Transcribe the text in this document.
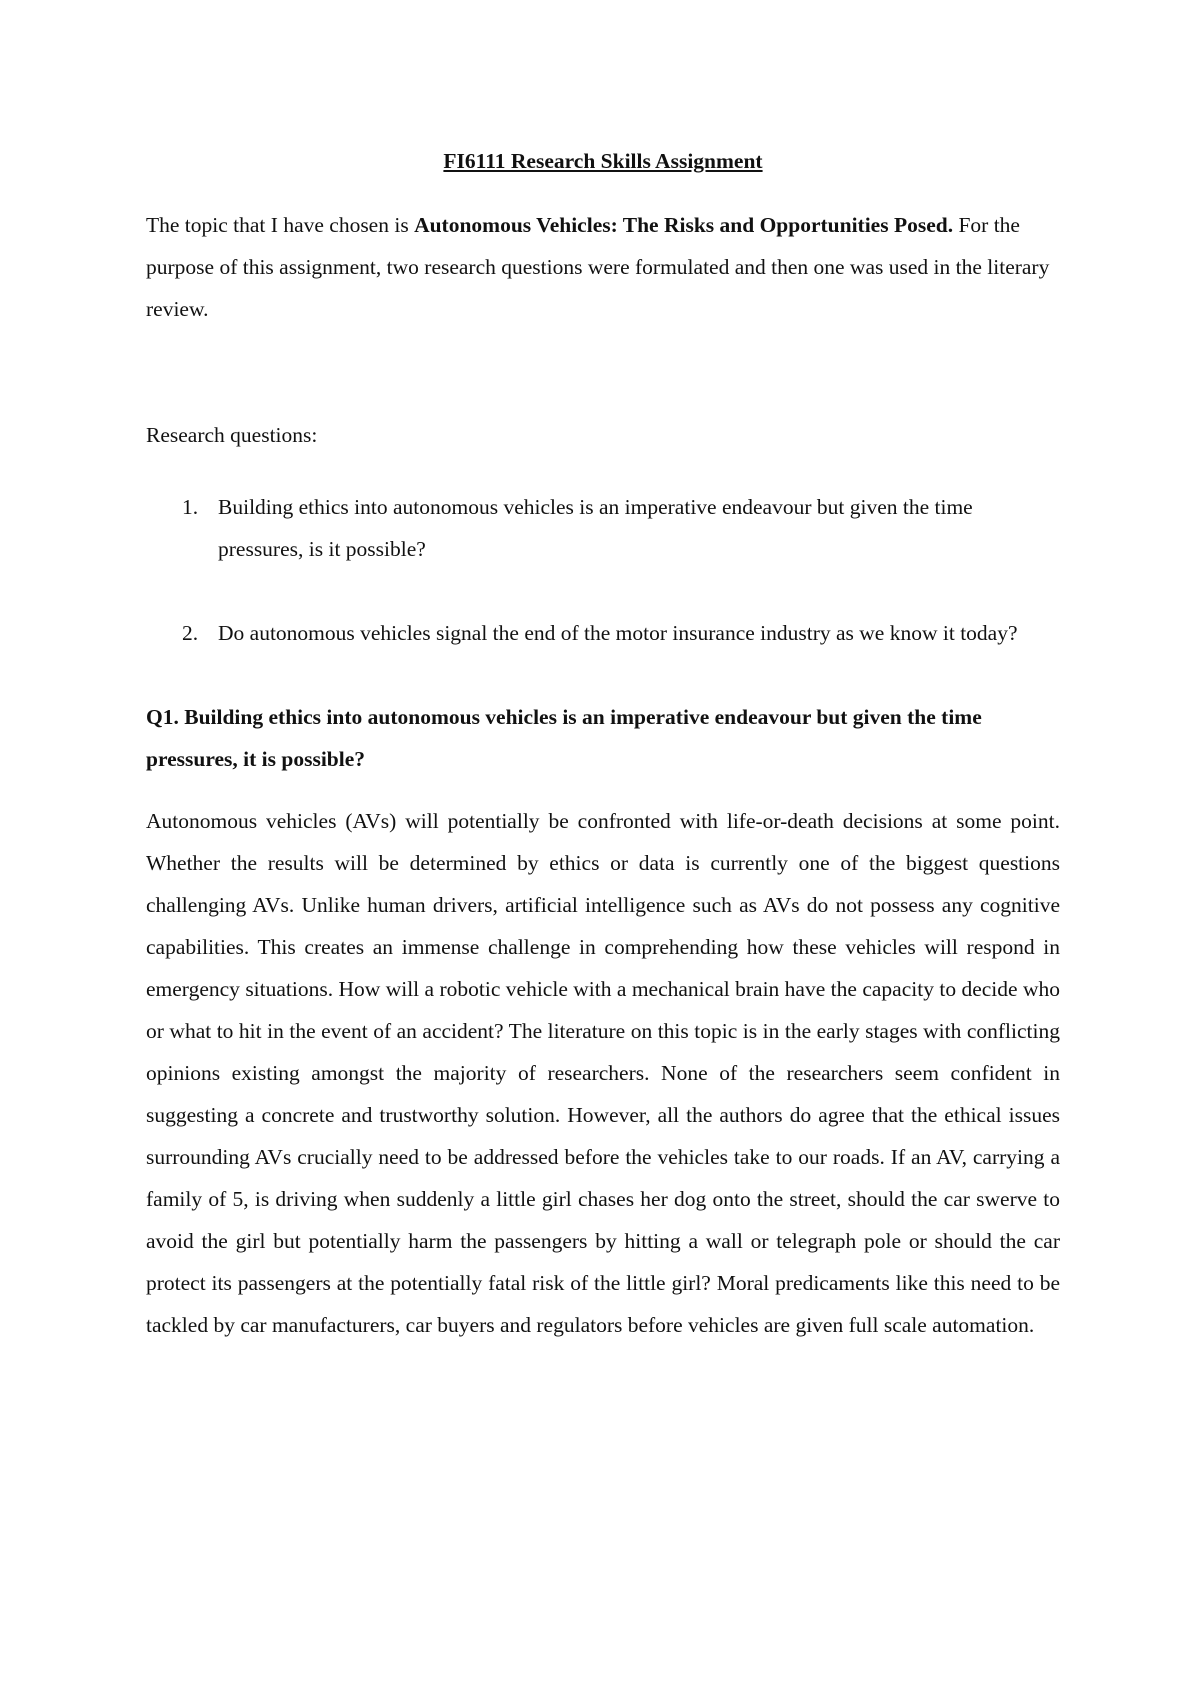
FI6111 Research Skills Assignment

The topic that I have chosen is Autonomous Vehicles: The Risks and Opportunities Posed. For the purpose of this assignment, two research questions were formulated and then one was used in the literary review.

Research questions:

1. Building ethics into autonomous vehicles is an imperative endeavour but given the time pressures, is it possible?
2. Do autonomous vehicles signal the end of the motor insurance industry as we know it today?

Q1. Building ethics into autonomous vehicles is an imperative endeavour but given the time pressures, it is possible?

Autonomous vehicles (AVs) will potentially be confronted with life-or-death decisions at some point. Whether the results will be determined by ethics or data is currently one of the biggest questions challenging AVs. Unlike human drivers, artificial intelligence such as AVs do not possess any cognitive capabilities. This creates an immense challenge in comprehending how these vehicles will respond in emergency situations. How will a robotic vehicle with a mechanical brain have the capacity to decide who or what to hit in the event of an accident? The literature on this topic is in the early stages with conflicting opinions existing amongst the majority of researchers. None of the researchers seem confident in suggesting a concrete and trustworthy solution. However, all the authors do agree that the ethical issues surrounding AVs crucially need to be addressed before the vehicles take to our roads. If an AV, carrying a family of 5, is driving when suddenly a little girl chases her dog onto the street, should the car swerve to avoid the girl but potentially harm the passengers by hitting a wall or telegraph pole or should the car protect its passengers at the potentially fatal risk of the little girl? Moral predicaments like this need to be tackled by car manufacturers, car buyers and regulators before vehicles are given full scale automation.
